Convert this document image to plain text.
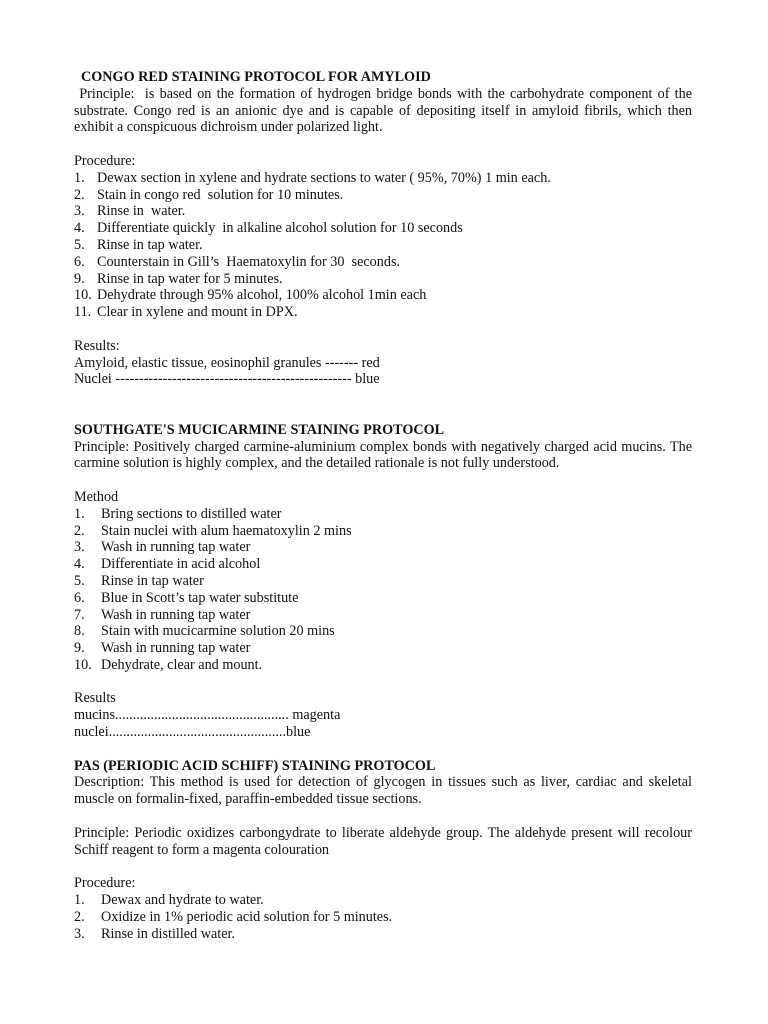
CONGO RED STAINING PROTOCOL FOR AMYLOID

Principle:  is based on the formation of hydrogen bridge bonds with the carbohydrate component of the substrate. Congo red is an anionic dye and is capable of depositing itself in amyloid fibrils, which then exhibit a conspicuous dichroism under polarized light.

Procedure:

1. Dewax section in xylene and hydrate sections to water ( 95%, 70%) 1 min each.
2. Stain in congo red  solution for 10 minutes.
3. Rinse in  water.
4. Differentiate quickly  in alkaline alcohol solution for 10 seconds
5. Rinse in tap water.
6. Counterstain in Gill’s  Haematoxylin for 30  seconds.
9. Rinse in tap water for 5 minutes.
10. Dehydrate through 95% alcohol, 100% alcohol 1min each
11. Clear in xylene and mount in DPX.

Results:

Amyloid, elastic tissue, eosinophil granules ------- red

Nuclei -------------------------------------------------- blue

SOUTHGATE'S MUCICARMINE STAINING PROTOCOL

Principle: Positively charged carmine-aluminium complex bonds with negatively charged acid mucins. The carmine solution is highly complex, and the detailed rationale is not fully understood.

Method

1.	Bring sections to distilled water
2.	Stain nuclei with alum haematoxylin 2 mins
3.	Wash in running tap water
4.	Differentiate in acid alcohol
5.	Rinse in tap water
6.	Blue in Scott’s tap water substitute
7.	Wash in running tap water
8.	Stain with mucicarmine solution 20 mins
9.	Wash in running tap water
10. Dehydrate, clear and mount.

Results

mucins................................................. magenta

nuclei..................................................blue

PAS (PERIODIC ACID SCHIFF) STAINING PROTOCOL

Description: This method is used for detection of glycogen in tissues such as liver, cardiac and skeletal muscle on formalin-fixed, paraffin-embedded tissue sections.

Principle: Periodic oxidizes carbongydrate to liberate aldehyde group. The aldehyde present will recolour Schiff reagent to form a magenta colouration

Procedure:

1.	Dewax and hydrate to water.
2.	Oxidize in 1% periodic acid solution for 5 minutes.
3.	Rinse in distilled water.
